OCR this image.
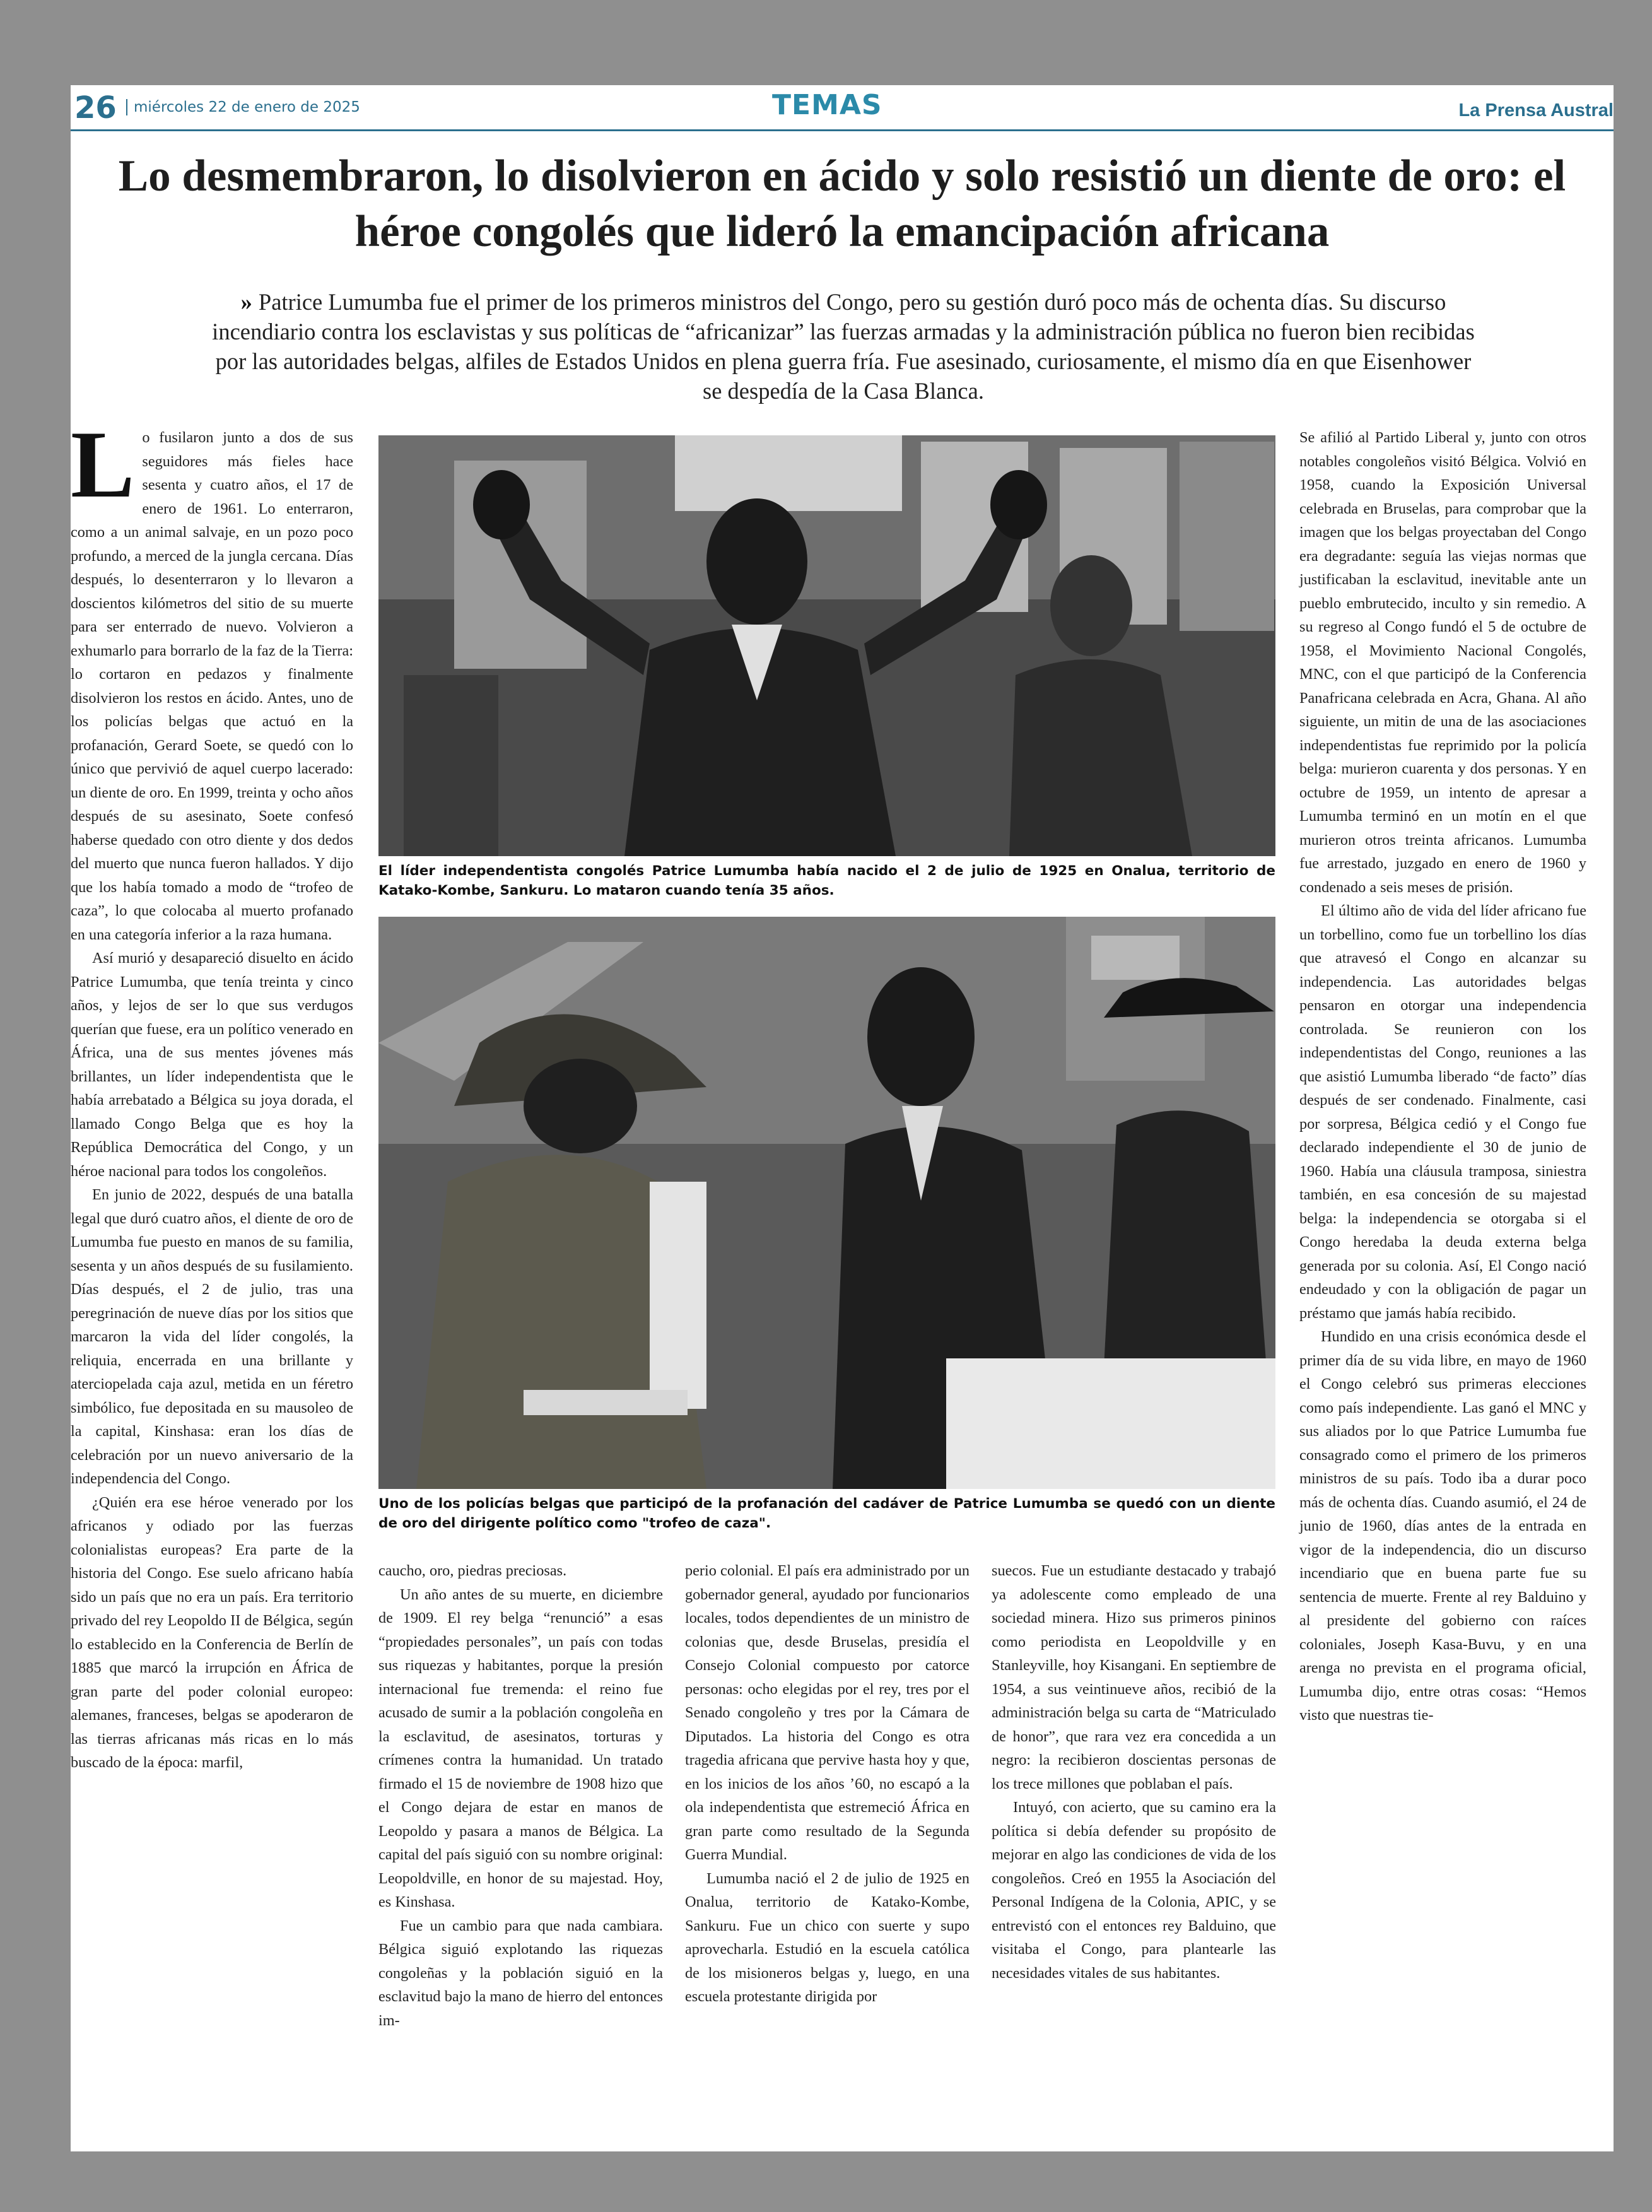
26	miércoles 22 de enero de 2025	TEMAS	La Prensa Austral
Lo desmembraron, lo disolvieron en ácido y solo resistió un diente de oro: el héroe congolés que lideró la emancipación africana

» Patrice Lumumba fue el primer de los primeros ministros del Congo, pero su gestión duró poco más de ochenta días. Su discurso incendiario contra los esclavistas y sus políticas de “africanizar” las fuerzas armadas y la administración pública no fueron bien recibidas por las autoridades belgas, alfiles de Estados Unidos en plena guerra fría. Fue asesinado, curiosamente, el mismo día en que Eisenhower se despedía de la Casa Blanca.

Lo fusilaron junto a dos de sus seguidores más fieles hace sesenta y cuatro años, el 17 de enero de 1961. Lo enterraron, como a un animal salvaje, en un pozo poco profundo, a merced de la jungla cercana. Días después, lo desenterraron y lo llevaron a doscientos kilómetros del sitio de su muerte para ser enterrado de nuevo. Volvieron a exhumarlo para borrarlo de la faz de la Tierra: lo cortaron en pedazos y finalmente disolvieron los restos en ácido. Antes, uno de los policías belgas que actuó en la profanación, Gerard Soete, se quedó con lo único que pervivió de aquel cuerpo lacerado: un diente de oro. En 1999, treinta y ocho años después de su asesinato, Soete confesó haberse quedado con otro diente y dos dedos del muerto que nunca fueron hallados. Y dijo que los había tomado a modo de “trofeo de caza”, lo que colocaba al muerto profanado en una categoría inferior a la raza humana.

Así murió y desapareció disuelto en ácido Patrice Lumumba, que tenía treinta y cinco años, y lejos de ser lo que sus verdugos querían que fuese, era un político venerado en África, una de sus mentes jóvenes más brillantes, un líder independentista que le había arrebatado a Bélgica su joya dorada, el llamado Congo Belga que es hoy la República Democrática del Congo, y un héroe nacional para todos los congoleños.

En junio de 2022, después de una batalla legal que duró cuatro años, el diente de oro de Lumumba fue puesto en manos de su familia, sesenta y un años después de su fusilamiento. Días después, el 2 de julio, tras una peregrinación de nueve días por los sitios que marcaron la vida del líder congolés, la reliquia, encerrada en una brillante y aterciopelada caja azul, metida en un féretro simbólico, fue depositada en su mausoleo de la capital, Kinshasa: eran los días de celebración por un nuevo aniversario de la independencia del Congo.

¿Quién era ese héroe venerado por los africanos y odiado por las fuerzas colonialistas europeas? Era parte de la historia del Congo. Ese suelo africano había sido un país que no era un país. Era territorio privado del rey Leopoldo II de Bélgica, según lo establecido en la Conferencia de Berlín de 1885 que marcó la irrupción en África de gran parte del poder colonial europeo: alemanes, franceses, belgas se apoderaron de las tierras africanas más ricas en lo más buscado de la época: marfil,

El líder independentista congolés Patrice Lumumba había nacido el 2 de julio de 1925 en Onalua, territorio de Katako-Kombe, Sankuru. Lo mataron cuando tenía 35 años.
Uno de los policías belgas que participó de la profanación del cadáver de Patrice Lumumba se quedó con un diente de oro del dirigente político como "trofeo de caza".

caucho, oro, piedras preciosas.

Un año antes de su muerte, en diciembre de 1909. El rey belga “renunció” a esas “propiedades personales”, un país con todas sus riquezas y habitantes, porque la presión internacional fue tremenda: el reino fue acusado de sumir a la población congoleña en la esclavitud, de asesinatos, torturas y crímenes contra la humanidad. Un tratado firmado el 15 de noviembre de 1908 hizo que el Congo dejara de estar en manos de Leopoldo y pasara a manos de Bélgica. La capital del país siguió con su nombre original: Leopoldville, en honor de su majestad. Hoy, es Kinshasa.

Fue un cambio para que nada cambiara. Bélgica siguió explotando las riquezas congoleñas y la población siguió en la esclavitud bajo la mano de hierro del entonces im-

perio colonial. El país era administrado por un gobernador general, ayudado por funcionarios locales, todos dependientes de un ministro de colonias que, desde Bruselas, presidía el Consejo Colonial compuesto por catorce personas: ocho elegidas por el rey, tres por el Senado congoleño y tres por la Cámara de Diputados. La historia del Congo es otra tragedia africana que pervive hasta hoy y que, en los inicios de los años ’60, no escapó a la ola independentista que estremeció África en gran parte como resultado de la Segunda Guerra Mundial.

Lumumba nació el 2 de julio de 1925 en Onalua, territorio de Katako-Kombe, Sankuru. Fue un chico con suerte y supo aprovecharla. Estudió en la escuela católica de los misioneros belgas y, luego, en una escuela protestante dirigida por

suecos. Fue un estudiante destacado y trabajó ya adolescente como empleado de una sociedad minera. Hizo sus primeros pininos como periodista en Leopoldville y en Stanleyville, hoy Kisangani. En septiembre de 1954, a sus veintinueve años, recibió de la administración belga su carta de “Matriculado de honor”, que rara vez era concedida a un negro: la recibieron doscientas personas de los trece millones que poblaban el país.

Intuyó, con acierto, que su camino era la política si debía defender su propósito de mejorar en algo las condiciones de vida de los congoleños. Creó en 1955 la Asociación del Personal Indígena de la Colonia, APIC, y se entrevistó con el entonces rey Balduino, que visitaba el Congo, para plantearle las necesidades vitales de sus habitantes.

Se afilió al Partido Liberal y, junto con otros notables congoleños visitó Bélgica. Volvió en 1958, cuando la Exposición Universal celebrada en Bruselas, para comprobar que la imagen que los belgas proyectaban del Congo era degradante: seguía las viejas normas que justificaban la esclavitud, inevitable ante un pueblo embrutecido, inculto y sin remedio. A su regreso al Congo fundó el 5 de octubre de 1958, el Movimiento Nacional Congolés, MNC, con el que participó de la Conferencia Panafricana celebrada en Acra, Ghana. Al año siguiente, un mitin de una de las asociaciones independentistas fue reprimido por la policía belga: murieron cuarenta y dos personas. Y en octubre de 1959, un intento de apresar a Lumumba terminó en un motín en el que murieron otros treinta africanos. Lumumba fue arrestado, juzgado en enero de 1960 y condenado a seis meses de prisión.

El último año de vida del líder africano fue un torbellino, como fue un torbellino los días que atravesó el Congo en alcanzar su independencia. Las autoridades belgas pensaron en otorgar una independencia controlada. Se reunieron con los independentistas del Congo, reuniones a las que asistió Lumumba liberado “de facto” días después de ser condenado. Finalmente, casi por sorpresa, Bélgica cedió y el Congo fue declarado independiente el 30 de junio de 1960. Había una cláusula tramposa, siniestra también, en esa concesión de su majestad belga: la independencia se otorgaba si el Congo heredaba la deuda externa belga generada por su colonia. Así, El Congo nació endeudado y con la obligación de pagar un préstamo que jamás había recibido.

Hundido en una crisis económica desde el primer día de su vida libre, en mayo de 1960 el Congo celebró sus primeras elecciones como país independiente. Las ganó el MNC y sus aliados por lo que Patrice Lumumba fue consagrado como el primero de los primeros ministros de su país. Todo iba a durar poco más de ochenta días. Cuando asumió, el 24 de junio de 1960, días antes de la entrada en vigor de la independencia, dio un discurso incendiario que en buena parte fue su sentencia de muerte. Frente al rey Balduino y al presidente del gobierno con raíces coloniales, Joseph Kasa-Buvu, y en una arenga no prevista en el programa oficial, Lumumba dijo, entre otras cosas: “Hemos visto que nuestras tie-
